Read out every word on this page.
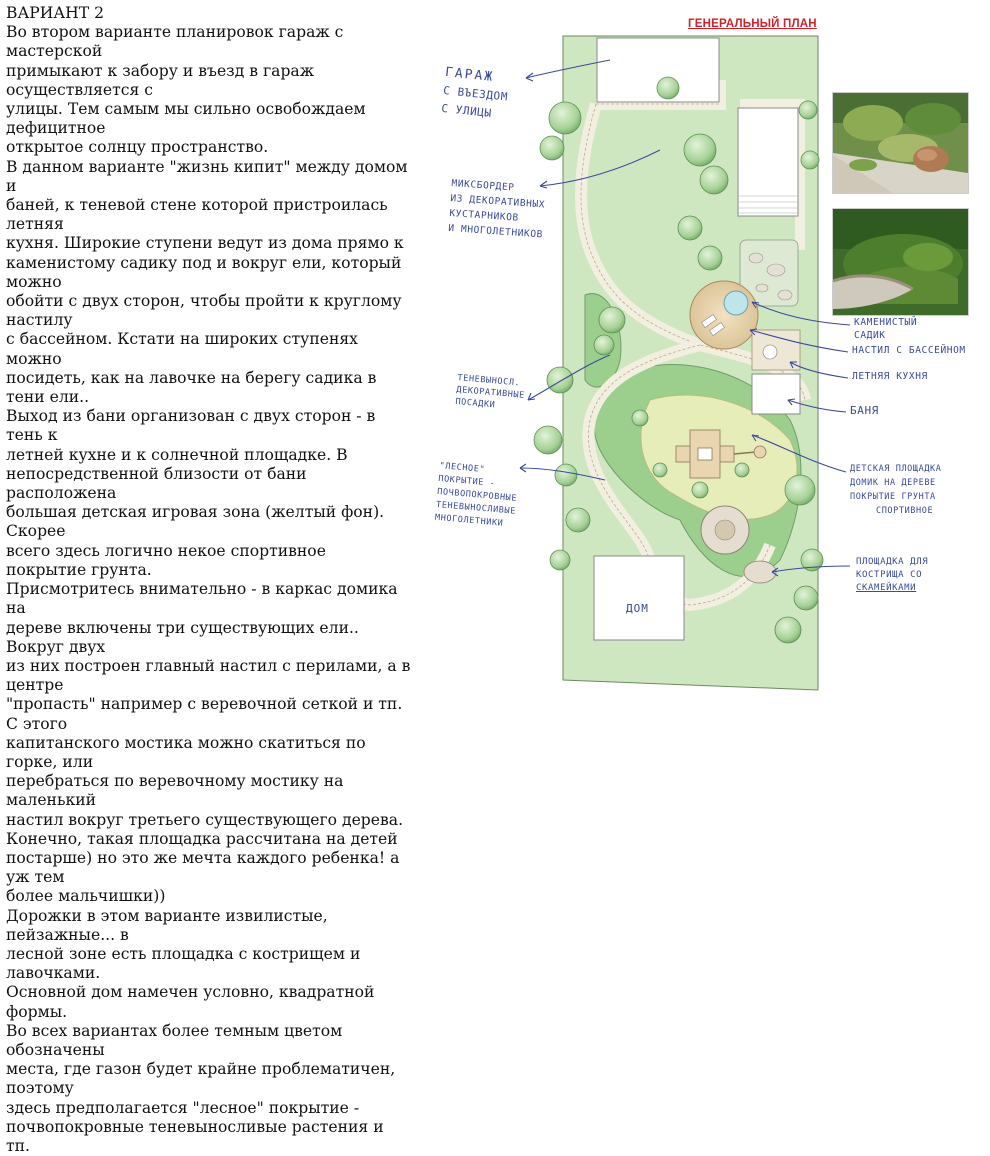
ВАРИАНТ 2

Во втором варианте планировок гараж с мастерской

примыкают к забору и въезд в гараж осуществляется с

улицы. Тем самым мы сильно освобождаем дефицитное

открытое солнцу пространство.

В данном варианте "жизнь кипит" между домом и

баней, к теневой стене которой пристроилась летняя

кухня. Широкие ступени ведут из дома прямо к

каменистому садику под и вокруг ели, который можно

обойти с двух сторон, чтобы пройти к круглому настилу

с бассейном. Кстати на широких ступенях можно

посидеть, как на лавочке на берегу садика в тени ели..

Выход из бани организован с двух сторон - в тень к

летней кухне и к солнечной площадке. В

непосредственной близости от бани расположена

большая детская игровая зона (желтый фон). Скорее

всего здесь логично некое спортивное покрытие грунта.

Присмотритесь внимательно - в каркас домика на

дереве включены три существующих ели.. Вокруг двух

из них построен главный настил с перилами, а в центре

"пропасть" например с веревочной сеткой и тп. С этого

капитанского мостика можно скатиться по горке, или

перебраться по веревочному мостику на маленький

настил вокруг третьего существующего дерева.

Конечно, такая площадка рассчитана на детей

постарше) но это же мечта каждого ребенка! а уж тем

более мальчишки))

Дорожки в этом варианте извилистые, пейзажные... в

лесной зоне есть площадка с кострищем и лавочками.

Основной дом намечен условно, квадратной формы.

Во всех вариантах более темным цветом обозначены

места, где газон будет крайне проблематичен, поэтому

здесь предполагается "лесное" покрытие -

почвопокровные теневыносливые растения и тп.

ДОМ
ГЕНЕРАЛЬНЫЙ ПЛАН
ГАРАЖ
С ВЪЕЗДОМ
С УЛИЦЫ
МИКСБОРДЕР
ИЗ ДЕКОРАТИВНЫХ
КУСТАРНИКОВ
И МНОГОЛЕТНИКОВ
ТЕНЕВЫНОСЛ.
ДЕКОРАТИВНЫЕ
ПОСАДКИ
"ЛЕСНОЕ"
ПОКРЫТИЕ -
ПОЧВОПОКРОВНЫЕ
ТЕНЕВЫНОСЛИВЫЕ
МНОГОЛЕТНИКИ
КАМЕНИСТЫЙ
САДИК
НАСТИЛ С БАССЕЙНОМ
ЛЕТНЯЯ КУХНЯ
БАНЯ
ДЕТСКАЯ ПЛОЩАДКА
ДОМИК НА ДЕРЕВЕ
ПОКРЫТИЕ ГРУНТА
СПОРТИВНОЕ
ПЛОЩАДКА ДЛЯ
КОСТРИЩА СО
СКАМЕЙКАМИ
